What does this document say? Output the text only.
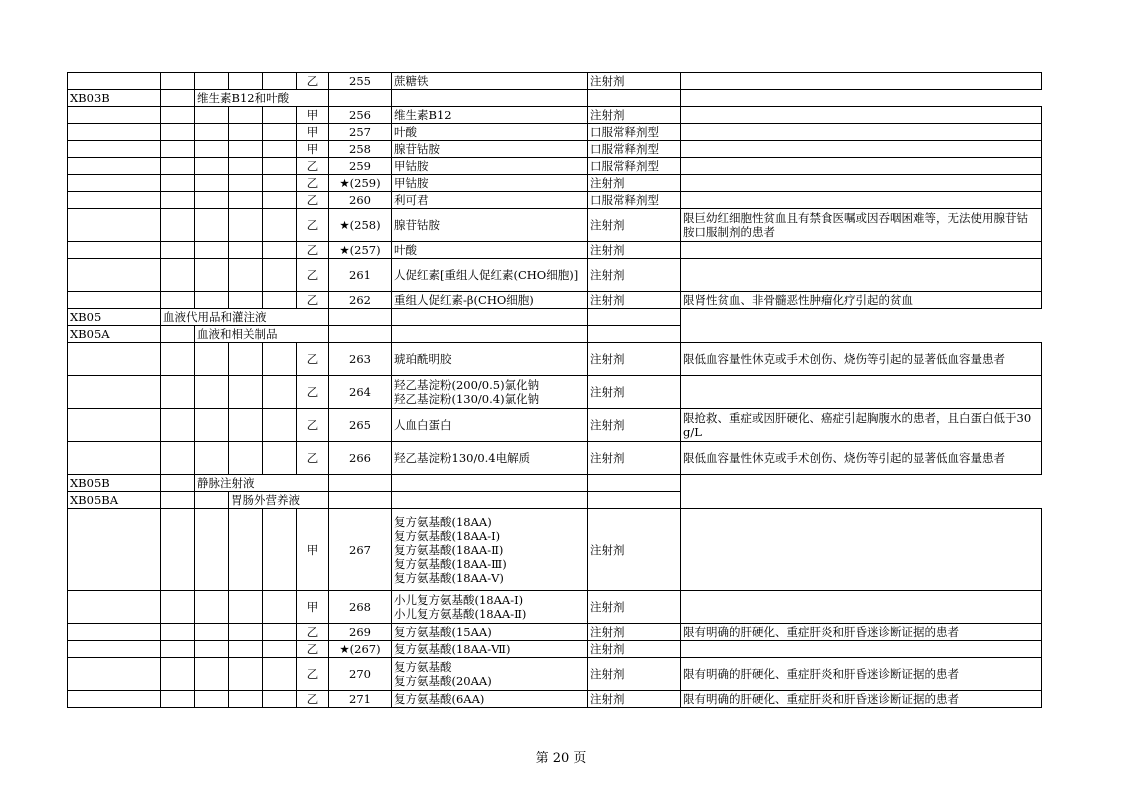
					乙	255	蔗糖铁	注射剂	
XB03B		维生素B12和叶酸							
					甲	256	维生素B12	注射剂	
					甲	257	叶酸	口服常释剂型	
					甲	258	腺苷钴胺	口服常释剂型	
					乙	259	甲钴胺	口服常释剂型	
					乙	★(259)	甲钴胺	注射剂	
					乙	260	利可君	口服常释剂型	
					乙	★(258)	腺苷钴胺	注射剂	限巨幼红细胞性贫血且有禁食医嘱或因吞咽困难等，无法使用腺苷钴胺口服制剂的患者
					乙	★(257)	叶酸	注射剂	
					乙	261	人促红素[重组人促红素(CHO细胞)]	注射剂	
					乙	262	重组人促红素-β(CHO细胞)	注射剂	限肾性贫血、非骨髓恶性肿瘤化疗引起的贫血
XB05	血液代用品和灌注液								
XB05A		血液和相关制品							
					乙	263	琥珀酰明胶	注射剂	限低血容量性休克或手术创伤、烧伤等引起的显著低血容量患者
					乙	264	羟乙基淀粉(200/0.5)氯化钠
羟乙基淀粉(130/0.4)氯化钠	注射剂	
					乙	265	人血白蛋白	注射剂	限抢救、重症或因肝硬化、癌症引起胸腹水的患者，且白蛋白低于30g/L
					乙	266	羟乙基淀粉130/0.4电解质	注射剂	限低血容量性休克或手术创伤、烧伤等引起的显著低血容量患者
XB05B		静脉注射液							
XB05BA			胃肠外营养液						
					甲	267	复方氨基酸(18AA)
复方氨基酸(18AA-Ⅰ)
复方氨基酸(18AA-Ⅱ)
复方氨基酸(18AA-Ⅲ)
复方氨基酸(18AA-Ⅴ)	注射剂	
					甲	268	小儿复方氨基酸(18AA-Ⅰ)
小儿复方氨基酸(18AA-Ⅱ)	注射剂	
					乙	269	复方氨基酸(15AA)	注射剂	限有明确的肝硬化、重症肝炎和肝昏迷诊断证据的患者
					乙	★(267)	复方氨基酸(18AA-Ⅶ)	注射剂	
					乙	270	复方氨基酸
复方氨基酸(20AA)	注射剂	限有明确的肝硬化、重症肝炎和肝昏迷诊断证据的患者
					乙	271	复方氨基酸(6AA)	注射剂	限有明确的肝硬化、重症肝炎和肝昏迷诊断证据的患者
第 20 页
